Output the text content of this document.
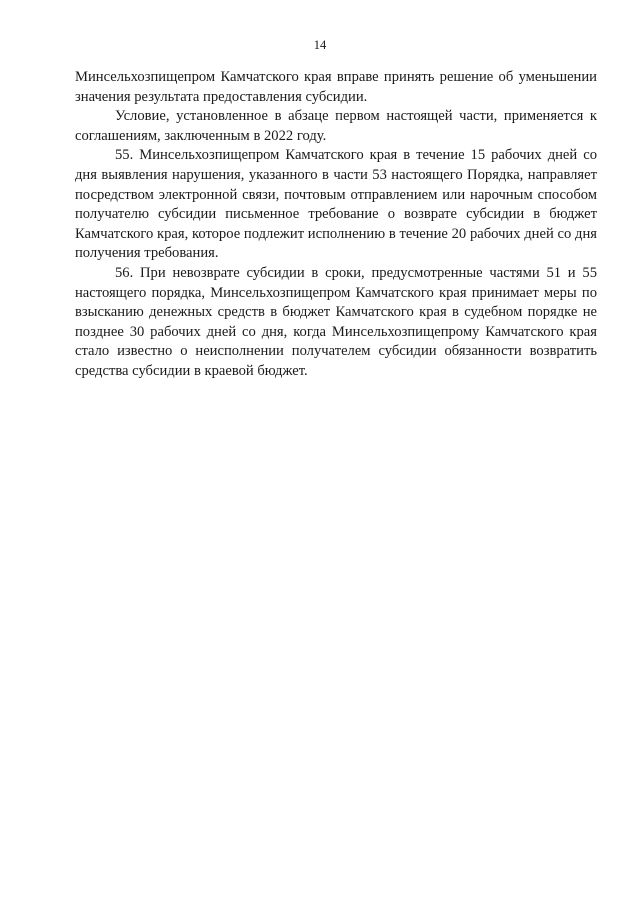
14

Минсельхозпищепром Камчатского края вправе принять решение об уменьшении значения результата предоставления субсидии.

Условие, установленное в абзаце первом настоящей части, применяется к соглашениям, заключенным в 2022 году.

55. Минсельхозпищепром Камчатского края в течение 15 рабочих дней со дня выявления нарушения, указанного в части 53 настоящего Порядка, направляет посредством электронной связи, почтовым отправлением или нарочным способом получателю субсидии письменное требование о возврате субсидии в бюджет Камчатского края, которое подлежит исполнению в течение 20 рабочих дней со дня получения требования.

56. При невозврате субсидии в сроки, предусмотренные частями 51 и 55 настоящего порядка, Минсельхозпищепром Камчатского края принимает меры по взысканию денежных средств в бюджет Камчатского края в судебном порядке не позднее 30 рабочих дней со дня, когда Минсельхозпищепрому Камчатского края стало известно о неисполнении получателем субсидии обязанности возвратить средства субсидии в краевой бюджет.
